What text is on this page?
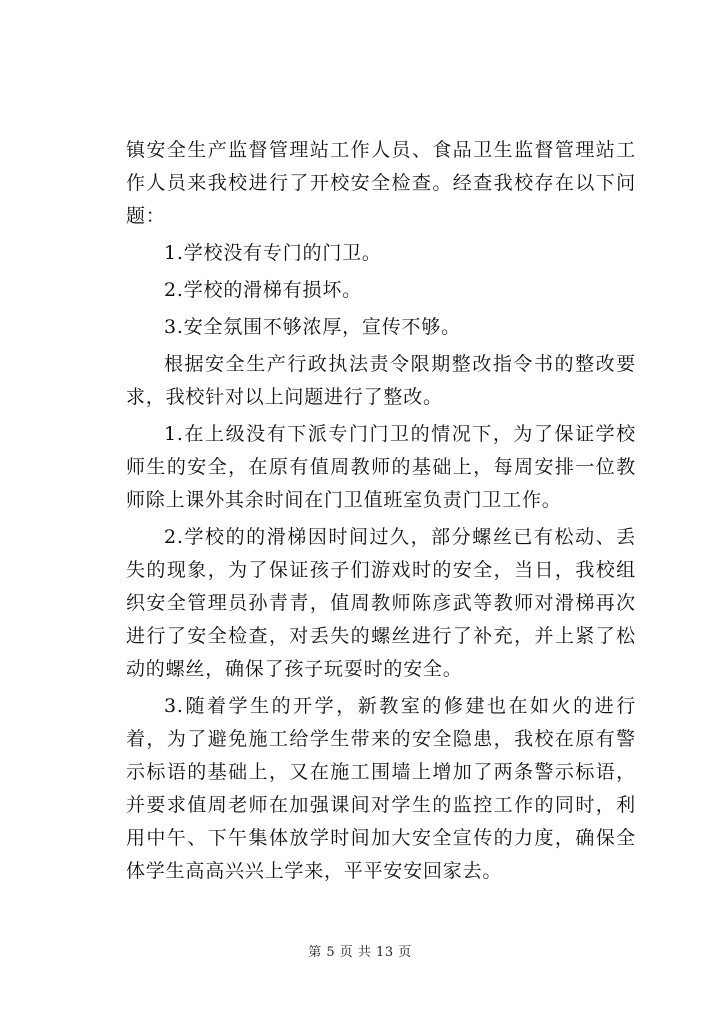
镇安全生产监督管理站工作人员、食品卫生监督管理站工作人员来我校进行了开校安全检查。经查我校存在以下问题：

1.学校没有专门的门卫。

2.学校的滑梯有损坏。

3.安全氛围不够浓厚，宣传不够。

根据安全生产行政执法责令限期整改指令书的整改要求，我校针对以上问题进行了整改。

1.在上级没有下派专门门卫的情况下，为了保证学校师生的安全，在原有值周教师的基础上，每周安排一位教师除上课外其余时间在门卫值班室负责门卫工作。

2.学校的的滑梯因时间过久，部分螺丝已有松动、丢失的现象，为了保证孩子们游戏时的安全，当日，我校组织安全管理员孙青青，值周教师陈彦武等教师对滑梯再次进行了安全检查，对丢失的螺丝进行了补充，并上紧了松动的螺丝，确保了孩子玩耍时的安全。

3.随着学生的开学，新教室的修建也在如火的进行着，为了避免施工给学生带来的安全隐患，我校在原有警示标语的基础上，又在施工围墙上增加了两条警示标语，并要求值周老师在加强课间对学生的监控工作的同时，利用中午、下午集体放学时间加大安全宣传的力度，确保全体学生高高兴兴上学来，平平安安回家去。

第 5 页 共 13 页
